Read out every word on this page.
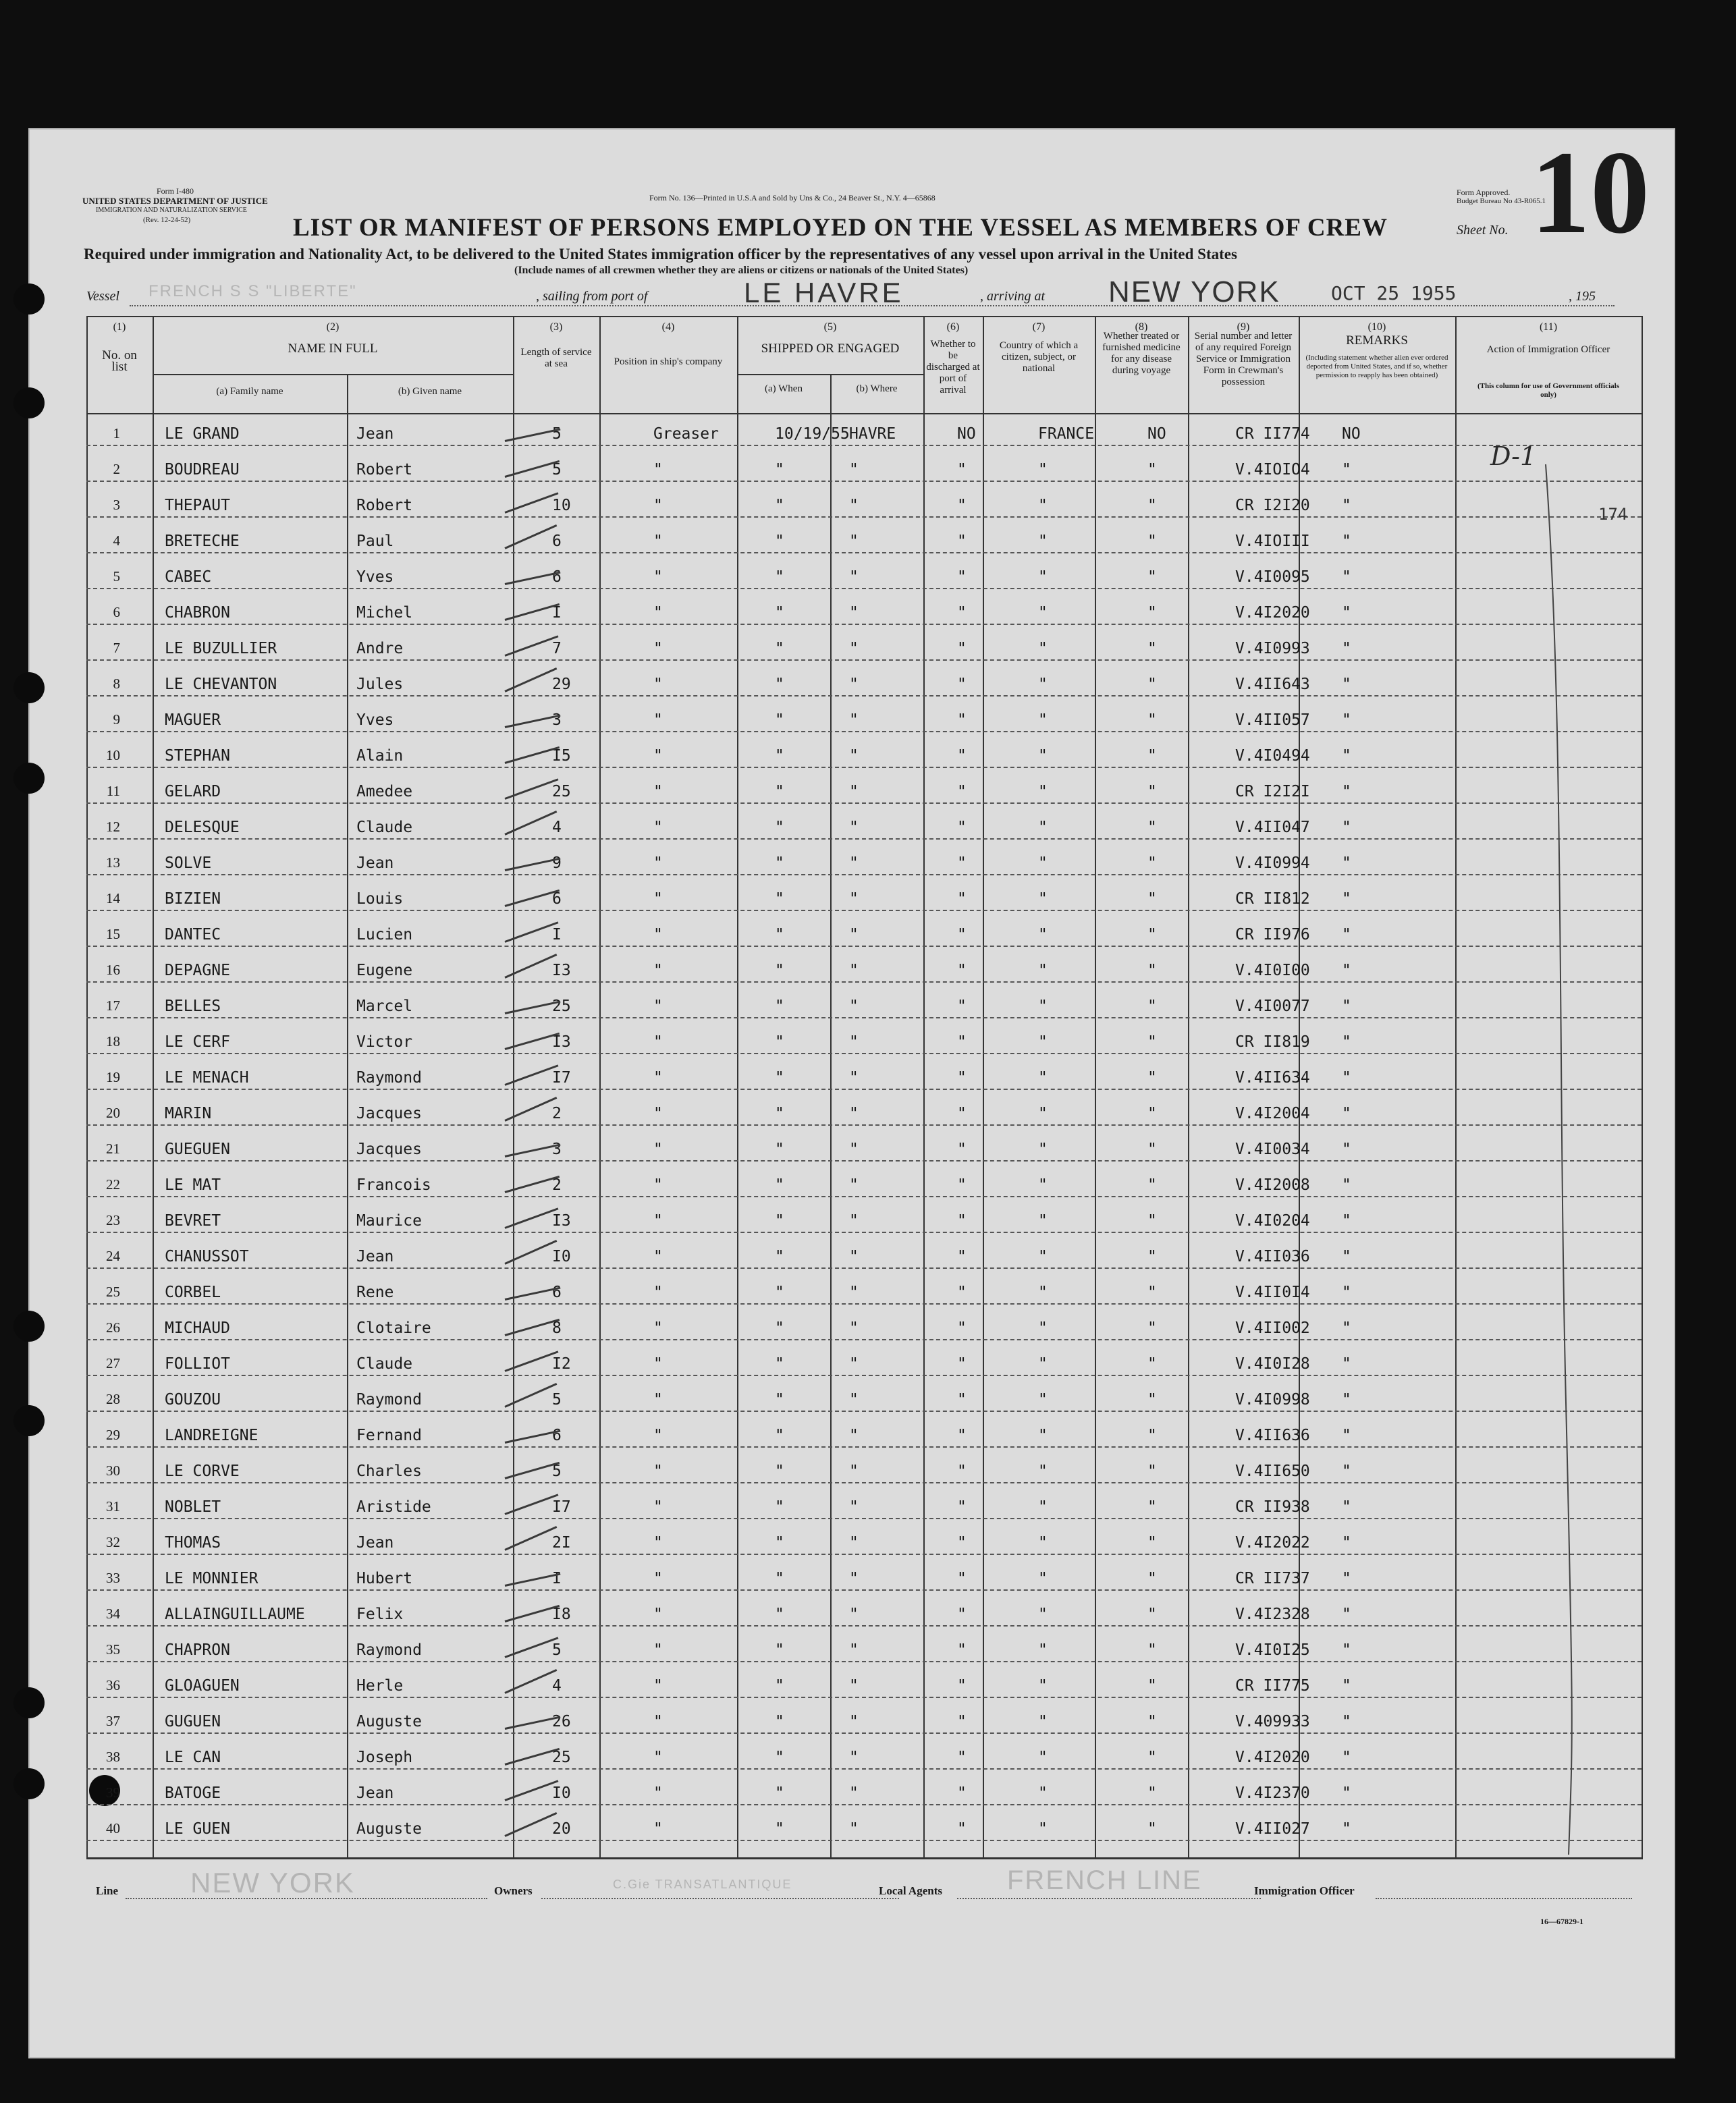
Form I-480
UNITED STATES DEPARTMENT OF JUSTICE
IMMIGRATION AND NATURALIZATION SERVICE
(Rev. 12-24-52)
Form No. 136—Printed in U.S.A and Sold by Uns & Co., 24 Beaver St., N.Y. 4—65868
Form Approved.
Budget Bureau No 43-R065.1
Sheet No. 10
LIST OR MANIFEST OF PERSONS EMPLOYED ON THE VESSEL AS MEMBERS OF CREW
Required under immigration and Nationality Act, to be delivered to the United States immigration officer by the representatives of any vessel upon arrival in the United States
(Include names of all crewmen whether they are aliens or citizens or nationals of the United States)
Vessel FRENCH S S "LIBERTE"	, sailing from port of	LE HAVRE	, arriving at NEW YORK	OCT 25 1955	, 195
(1)	(2)	(3)	(4)	(5)	(6)	(7)	(8)	(9)	(10)	(11)
No. on list
NAME IN FULL
(a) Family name	(b) Given name
Length of service at sea	Position in ship's company
SHIPPED OR ENGAGED
(a) When	(b) Where
Whether to be discharged at port of arrival
Country of which a citizen, subject, or national
Whether treated or furnished medicine for any disease during voyage
Serial number and letter of any required Foreign Service or Immigration Form in Crewman's possession
REMARKS
(Including statement whether alien ever ordered deported from United States, and if so, whether permission to reapply has been obtained)
Action of Immigration Officer
(This column for use of Government officials only)
1	LE GRAND	Jean	5	Greaser	10/19/55 HAVRE	NO	FRANCE	NO	CR II774 NO
2	BOUDREAU	Robert	5	"	"	"	"	"	"	V.4IOIO4 "
3	THEPAUT	Robert	10	"	"	"	"	"	"	CR I2I20 "
4	BRETECHE	Paul	6	"	"	"	"	"	"	V.4IOIII "
5	CABEC	Yves	6	"	"	"	"	"	"	V.4I0095 "
6	CHABRON	Michel	I	"	"	"	"	"	"	V.4I2020 "
7	LE BUZULLIER	Andre	7	"	"	"	"	"	"	V.4I0993 "
8	LE CHEVANTON	Jules	29	"	"	"	"	"	"	V.4II643 "
9	MAGUER	Yves	3	"	"	"	"	"	"	V.4II057 "
10	STEPHAN	Alain	I5	"	"	"	"	"	"	V.4I0494 "
11	GELARD	Amedee	25	"	"	"	"	"	"	CR I2I2I "
12	DELESQUE	Claude	4	"	"	"	"	"	"	V.4II047 "
13	SOLVE	Jean	9	"	"	"	"	"	"	V.4I0994 "
14	BIZIEN	Louis	6	"	"	"	"	"	"	CR II812 "
15	DANTEC	Lucien	I	"	"	"	"	"	"	CR II976 "
16	DEPAGNE	Eugene	I3	"	"	"	"	"	"	V.4I0I00 "
17	BELLES	Marcel	25	"	"	"	"	"	"	V.4I0077 "
18	LE CERF	Victor	I3	"	"	"	"	"	"	CR II819 "
19	LE MENACH	Raymond	I7	"	"	"	"	"	"	V.4II634 "
20	MARIN	Jacques	2	"	"	"	"	"	"	V.4I2004 "
21	GUEGUEN	Jacques	3	"	"	"	"	"	"	V.4I0034 "
22	LE MAT	Francois	2	"	"	"	"	"	"	V.4I2008 "
23	BEVRET	Maurice	I3	"	"	"	"	"	"	V.4I0204 "
24	CHANUSSOT	Jean	I0	"	"	"	"	"	"	V.4II036 "
25	CORBEL	Rene	6	"	"	"	"	"	"	V.4II0I4 "
26	MICHAUD	Clotaire	8	"	"	"	"	"	"	V.4II002 "
27	FOLLIOT	Claude	I2	"	"	"	"	"	"	V.4I0I28 "
28	GOUZOU	Raymond	5	"	"	"	"	"	"	V.4I0998 "
29	LANDREIGNE	Fernand	6	"	"	"	"	"	"	V.4II636 "
30	LE CORVE	Charles	5	"	"	"	"	"	"	V.4II650 "
31	NOBLET	Aristide	I7	"	"	"	"	"	"	CR II938 "
32	THOMAS	Jean	2I	"	"	"	"	"	"	V.4I2022 "
33	LE MONNIER	Hubert	I	"	"	"	"	"	"	CR II737 "
34	ALLAINGUILLAUME	Felix	I8	"	"	"	"	"	"	V.4I2328 "
35	CHAPRON	Raymond	5	"	"	"	"	"	"	V.4I0I25 "
36	GLOAGUEN	Herle	4	"	"	"	"	"	"	CR II775 "
37	GUGUEN	Auguste	26	"	"	"	"	"	"	V.409933 "
38	LE CAN	Joseph	25	"	"	"	"	"	"	V.4I2020 "
39	BATOGE	Jean	I0	"	"	"	"	"	"	V.4I2370 "
40	LE GUEN	Auguste	20	"	"	"	"	"	"	V.4II027 "
D-1
174
Line	NEW YORK	Owners	C.Gie TRANSATLANTIQUE	Local Agents FRENCH LINE	Immigration Officer
16—67829-1
